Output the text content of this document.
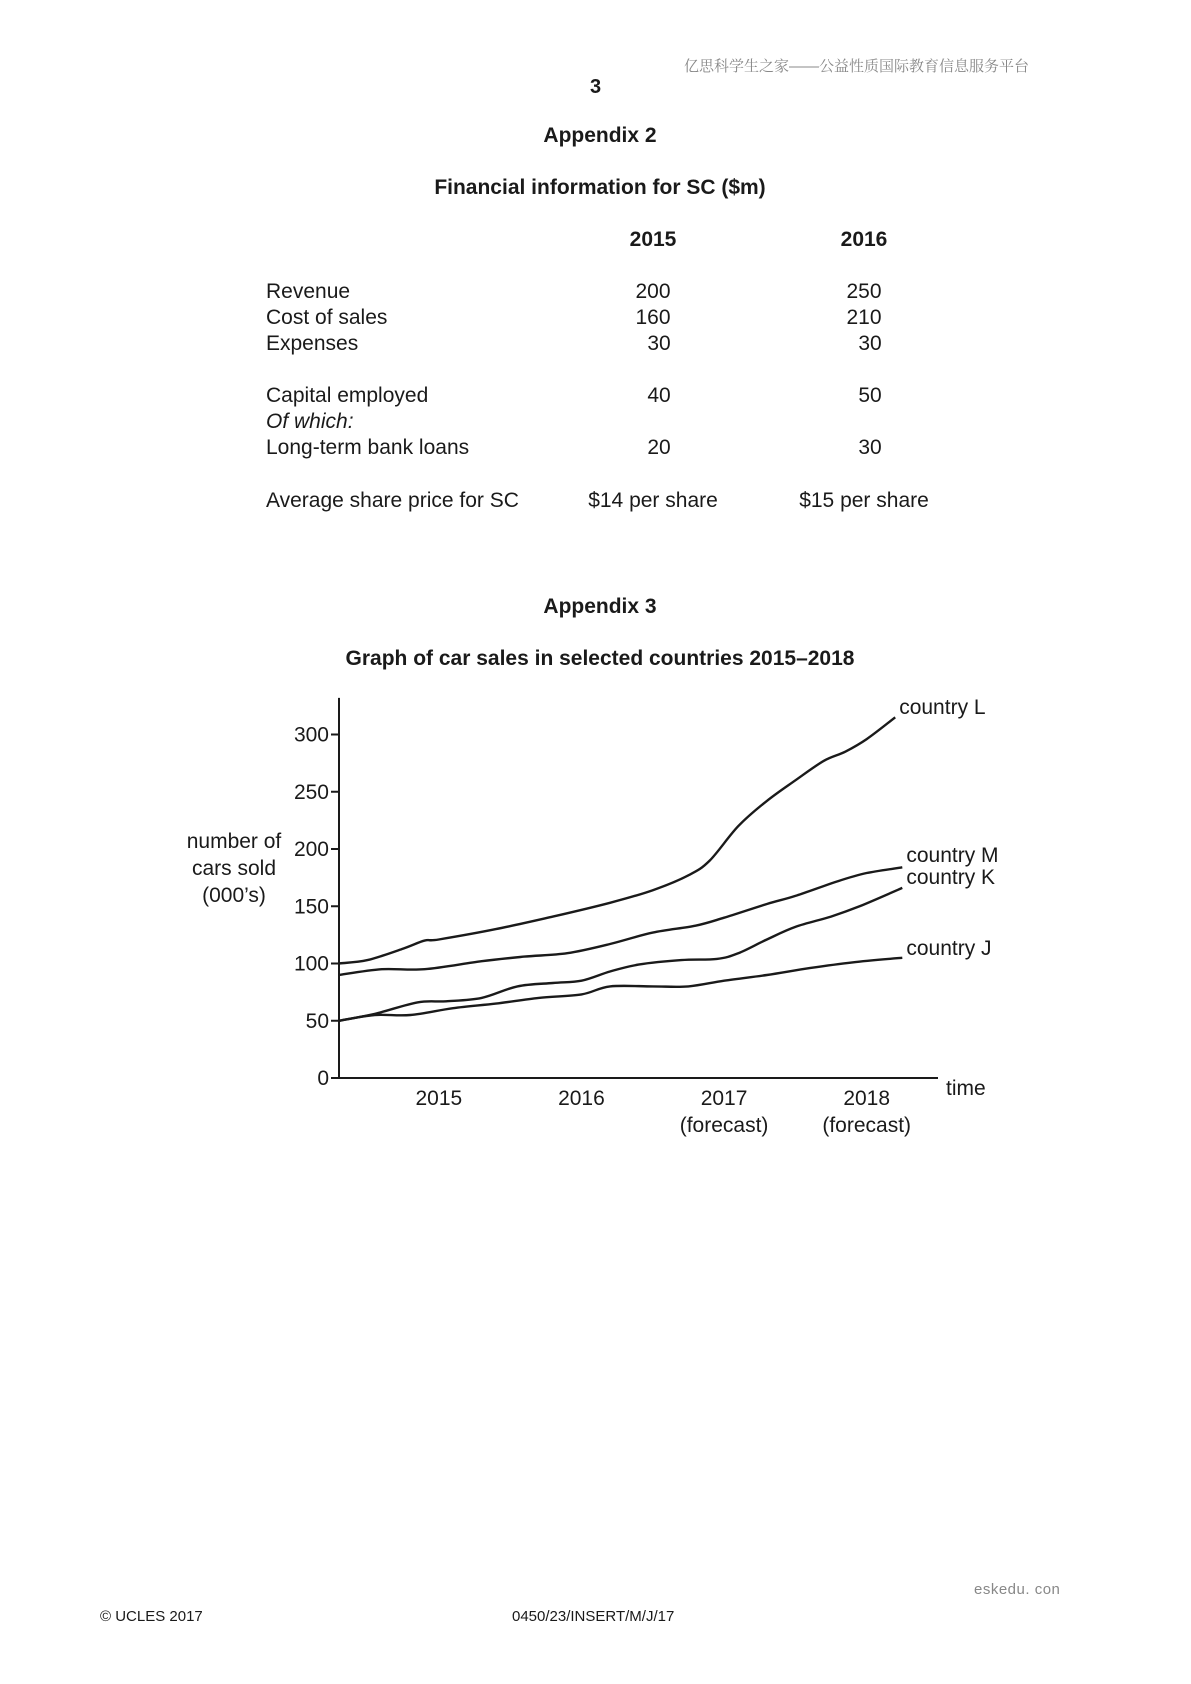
亿思科学生之家——公益性质国际教育信息服务平台
3
Appendix 2
Financial information for SC ($m)
2015	2016
Revenue	200	250
Cost of sales	160	210
Expenses	30	30
Capital employed	40	50
Of which:
Long-term bank loans	20	30
Average share price for SC	$14 per share	$15 per share
Appendix 3
Graph of car sales in selected countries 2015–2018
0
50
100
150
200
250
300
2015	2016	2017
(forecast)
2018
(forecast)
time
number of
cars sold
(000’s)
country L
country M
country K
country J
eskedu. con
© UCLES 2017	0450/23/INSERT/M/J/17
